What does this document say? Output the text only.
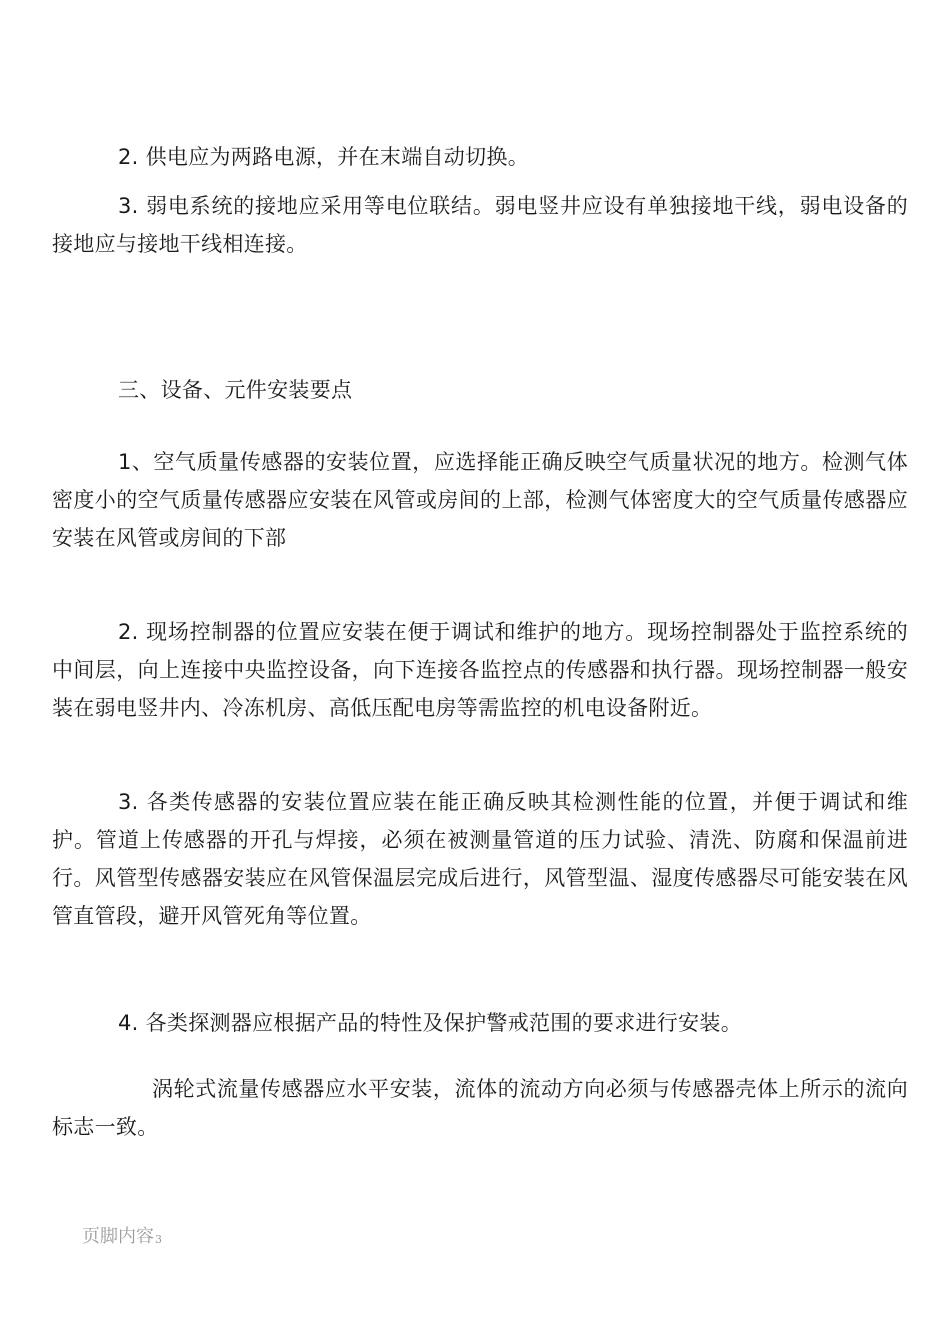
2. 供电应为两路电源，并在末端自动切换。

3. 弱电系统的接地应采用等电位联结。弱电竖井应设有单独接地干线，弱电设备的接地应与接地干线相连接。

三、设备、元件安装要点

1、空气质量传感器的安装位置，应选择能正确反映空气质量状况的地方。检测气体密度小的空气质量传感器应安装在风管或房间的上部，检测气体密度大的空气质量传感器应安装在风管或房间的下部

2. 现场控制器的位置应安装在便于调试和维护的地方。现场控制器处于监控系统的中间层，向上连接中央监控设备，向下连接各监控点的传感器和执行器。现场控制器一般安装在弱电竖井内、冷冻机房、高低压配电房等需监控的机电设备附近。

3. 各类传感器的安装位置应装在能正确反映其检测性能的位置，并便于调试和维护。管道上传感器的开孔与焊接，必须在被测量管道的压力试验、清洗、防腐和保温前进行。风管型传感器安装应在风管保温层完成后进行，风管型温、湿度传感器尽可能安装在风管直管段，避开风管死角等位置。

4. 各类探测器应根据产品的特性及保护警戒范围的要求进行安装。

涡轮式流量传感器应水平安装，流体的流动方向必须与传感器壳体上所示的流向标志一致。

页脚内容3
